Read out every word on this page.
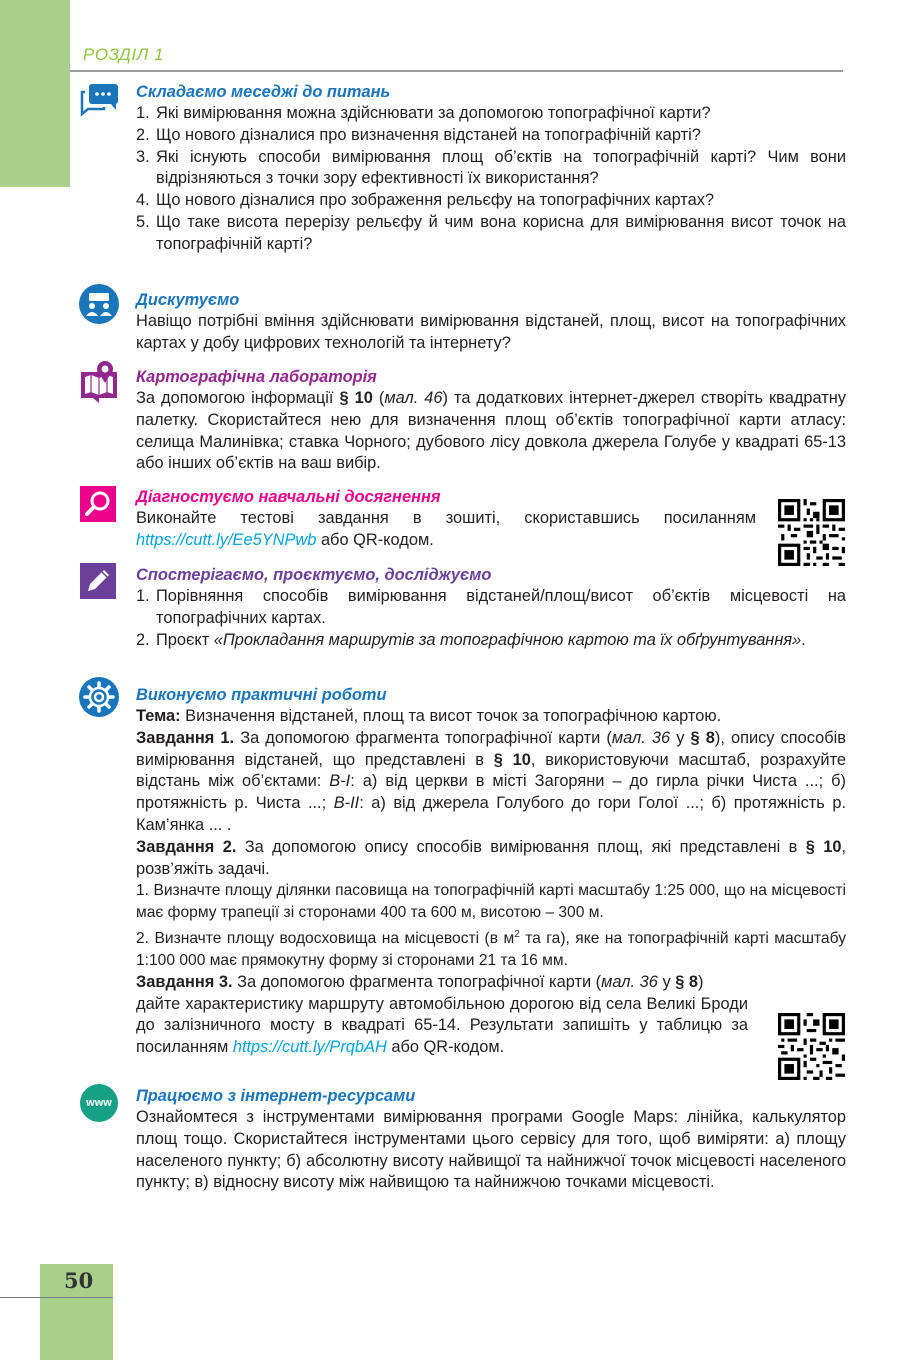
РОЗДІЛ 1
50
www
Складаємо меседжі до питань
1. Які вимірювання можна здійснювати за допомогою топографічної карти?
2. Що нового дізналися про визначення відстаней на топографічній карті?
3. Які існують способи вимірювання площ об’єктів на топографічній карті? Чим вони відрізняються з точки зору ефективності їх використання?
4. Що нового дізналися про зображення рельєфу на топографічних картах?
5. Що таке висота перерізу рельєфу й чим вона корисна для вимірювання висот точок на топографічній карті?
Дискутуємо

Навіщо потрібні вміння здійснювати вимірювання відстаней, площ, висот на топографічних картах у добу цифрових технологій та інтернету?

Картографічна лабораторія

За допомогою інформації § 10 (мал. 46) та додаткових інтернет-джерел створіть квадратну палетку. Скористайтеся нею для визначення площ об’єктів топографічної карти атласу: селища Малинівка; ставка Чорного; дубового лісу довкола джерела Голубе у квадраті 65-13 або інших об’єктів на ваш вибір.

Діагностуємо навчальні досягнення

Виконайте тестові завдання в зошиті, скориставшись посиланням https://cutt.ly/Ee5YNPwb або QR-кодом.

Спостерігаємо, проєктуємо, досліджуємо
1. Порівняння способів вимірювання відстаней/площ/висот об’єктів місцевості на топографічних картах.
2. Проєкт «Прокладання маршрутів за топографічною картою та їх обґрунтування».
Виконуємо практичні роботи

Тема: Визначення відстаней, площ та висот точок за топографічною картою.

Завдання 1. За допомогою фрагмента топографічної карти (мал. 36 у § 8), опису способів вимірювання відстаней, що представлені в § 10, використовуючи масштаб, розрахуйте відстань між об’єктами: В-І: а) від церкви в місті Загоряни – до гирла річки Чиста ...; б) протяжність р. Чиста ...; В-ІІ: а) від джерела Голубого до гори Голої ...; б) протяжність р. Кам’янка ... .

Завдання 2. За допомогою опису способів вимірювання площ, які представлені в § 10, розв’яжіть задачі.

1. Визначте площу ділянки пасовища на топографічній карті масштабу 1:25 000, що на місцевості має форму трапеції зі сторонами 400 та 600 м, висотою – 300 м.

2. Визначте площу водосховища на місцевості (в $м^2$ та га), яке на топографічній карті масштабу 1:100 000 має прямокутну форму зі сторонами 21 та 16 мм.

Завдання 3. За допомогою фрагмента топографічної карти (мал. 36 у § 8)

дайте характеристику маршруту автомобільною дорогою від села Великі Броди до залізничного мосту в квадраті 65-14. Результати запишіть у таблицю за посиланням https://cutt.ly/PrqbAH або QR-кодом.

Працюємо з інтернет-ресурсами

Ознайомтеся з інструментами вимірювання програми Google Maps: лінійка, калькулятор площ тощо. Скористайтеся інструментами цього сервісу для того, щоб виміряти: а) площу населеного пункту; б) абсолютну висоту найвищої та найнижчої точок місцевості населеного пункту; в) відносну висоту між найвищою та найнижчою точками місцевості.
